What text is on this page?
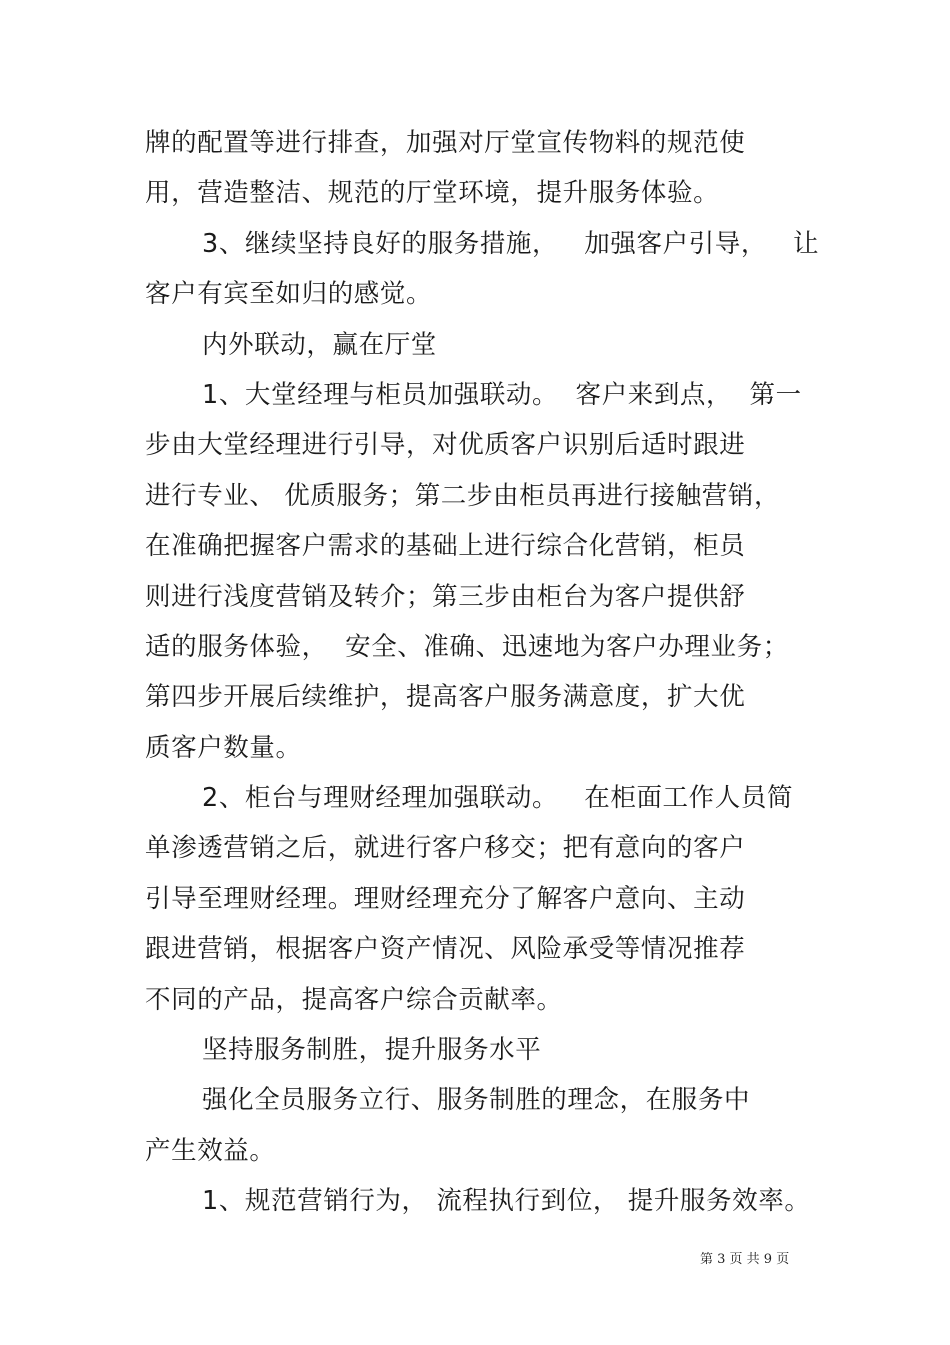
牌的配置等进行排查，加强对厅堂宣传物料的规范使
用，营造整洁、规范的厅堂环境，提升服务体验。
3、继续坚持良好的服务措施，   加强客户引导，   让
客户有宾至如归的感觉。
内外联动，赢在厅堂
1、大堂经理与柜员加强联动。  客户来到点，  第一
步由大堂经理进行引导，对优质客户识别后适时跟进
进行专业、 优质服务；第二步由柜员再进行接触营销，
在准确把握客户需求的基础上进行综合化营销，柜员
则进行浅度营销及转介；第三步由柜台为客户提供舒
适的服务体验，  安全、准确、迅速地为客户办理业务；
第四步开展后续维护，提高客户服务满意度，扩大优
质客户数量。
2、柜台与理财经理加强联动。   在柜面工作人员简
单渗透营销之后，就进行客户移交；把有意向的客户
引导至理财经理。理财经理充分了解客户意向、主动
跟进营销，根据客户资产情况、风险承受等情况推荐
不同的产品，提高客户综合贡献率。
坚持服务制胜，提升服务水平
强化全员服务立行、服务制胜的理念，在服务中
产生效益。
1、规范营销行为， 流程执行到位， 提升服务效率。
第 3 页 共 9 页
